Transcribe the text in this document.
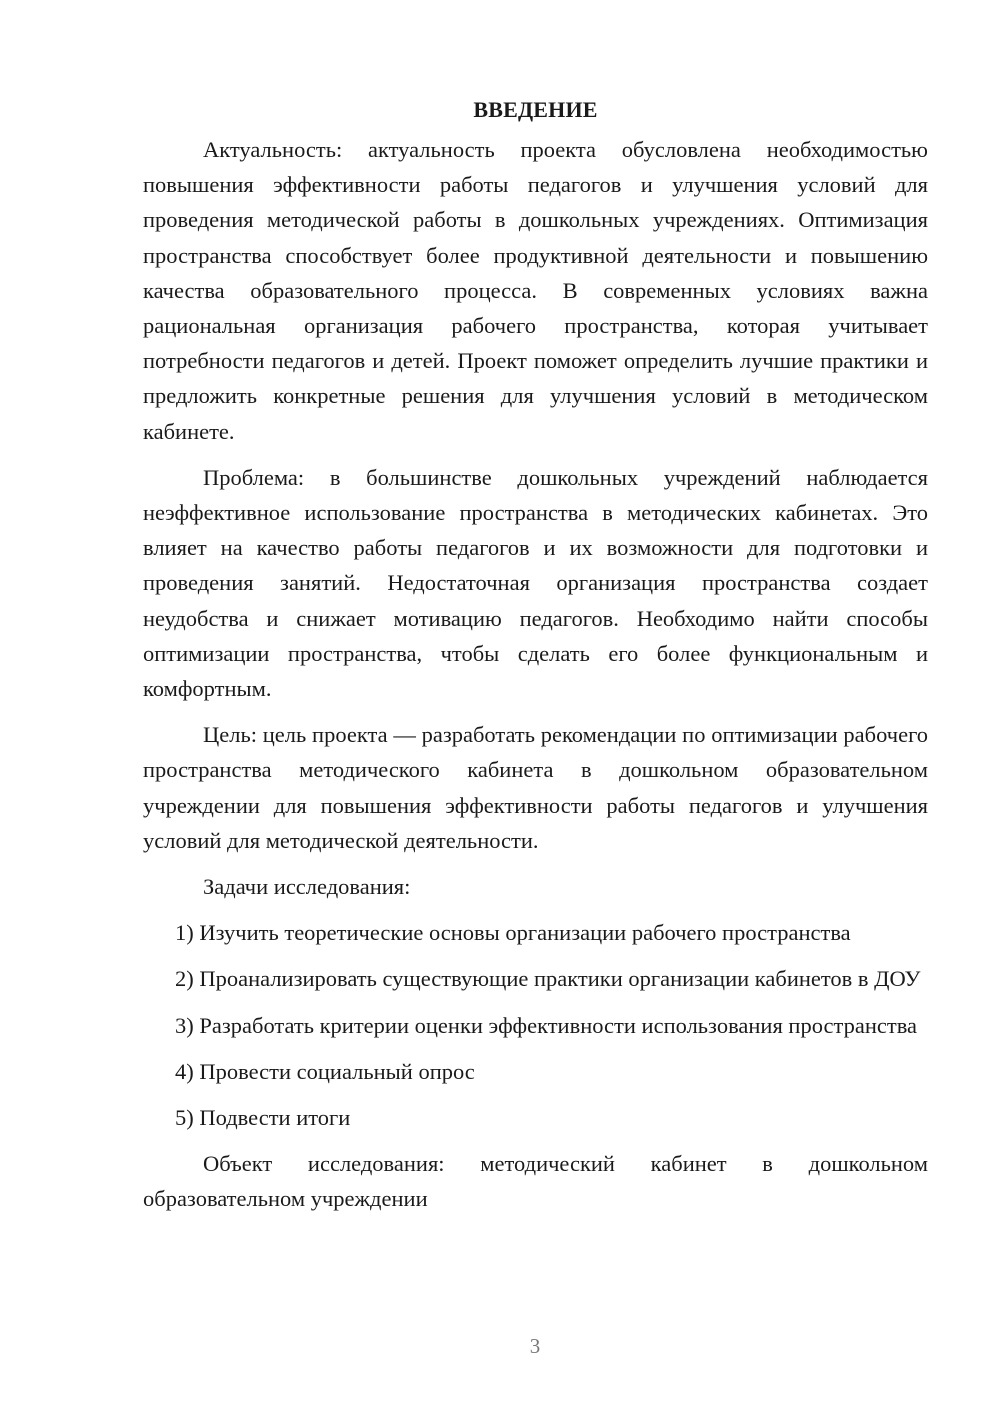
ВВЕДЕНИЕ

Актуальность: актуальность проекта обусловлена необходимостью повышения эффективности работы педагогов и улучшения условий для проведения методической работы в дошкольных учреждениях. Оптимизация пространства способствует более продуктивной деятельности и повышению качества образовательного процесса. В современных условиях важна рациональная организация рабочего пространства, которая учитывает потребности педагогов и детей. Проект поможет определить лучшие практики и предложить конкретные решения для улучшения условий в методическом кабинете.

Проблема: в большинстве дошкольных учреждений наблюдается неэффективное использование пространства в методических кабинетах. Это влияет на качество работы педагогов и их возможности для подготовки и проведения занятий. Недостаточная организация пространства создает неудобства и снижает мотивацию педагогов. Необходимо найти способы оптимизации пространства, чтобы сделать его более функциональным и комфортным.

Цель: цель проекта — разработать рекомендации по оптимизации рабочего пространства методического кабинета в дошкольном образовательном учреждении для повышения эффективности работы педагогов и улучшения условий для методической деятельности.

Задачи исследования:

1) Изучить теоретические основы организации рабочего пространства

2) Проанализировать существующие практики организации кабинетов в ДОУ

3) Разработать критерии оценки эффективности использования пространства

4) Провести социальный опрос

5) Подвести итоги

Объект исследования: методический кабинет в дошкольном образовательном учреждении

3
